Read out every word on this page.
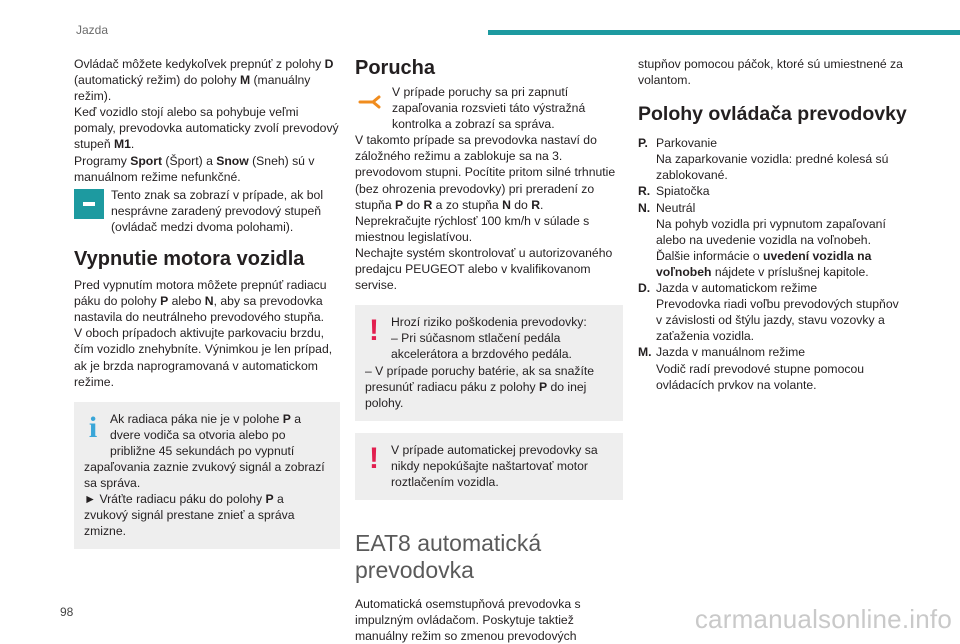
Jazda

Ovládač môžete kedykoľvek prepnúť z polohy D (automatický režim) do polohy M (manuálny režim).

Keď vozidlo stojí alebo sa pohybuje veľmi pomaly, prevodovka automaticky zvolí prevodový stupeň M1.

Programy Sport (Šport) a Snow (Sneh) sú v manuálnom režime nefunkčné.

Tento znak sa zobrazí v prípade, ak bol nesprávne zaradený prevodový stupeň (ovládač medzi dvoma polohami).

Vypnutie motora vozidla

Pred vypnutím motora môžete prepnúť radiacu páku do polohy P alebo N, aby sa prevodovka nastavila do neutrálneho prevodového stupňa.

V oboch prípadoch aktivujte parkovaciu brzdu, čím vozidlo znehybníte. Výnimkou je len prípad, ak je brzda naprogramovaná v automatickom režime.

i	Ak radiaca páka nie je v polohe P a dvere vodiča sa otvoria alebo po približne 45 sekundách po vypnutí zapaľovania zaznie zvukový signál a zobrazí sa správa.

► Vráťte radiacu páku do polohy P a zvukový signál prestane znieť a správa zmizne.

Porucha

V prípade poruchy sa pri zapnutí zapaľovania rozsvieti táto výstražná kontrolka a zobrazí sa správa.

V takomto prípade sa prevodovka nastaví do záložného režimu a zablokuje sa na 3. prevodovom stupni. Pocítite pritom silné trhnutie (bez ohrozenia prevodovky) pri preradení zo stupňa P do R a zo stupňa N do R.

Neprekračujte rýchlosť 100 km/h v súlade s miestnou legislatívou.

Nechajte systém skontrolovať u autorizovaného predajcu PEUGEOT alebo v kvalifikovanom servise.

! Hrozí riziko poškodenia prevodovky:

– Pri súčasnom stlačení pedála akcelerátora a brzdového pedála.

– V prípade poruchy batérie, ak sa snažíte presunúť radiacu páku z polohy P do inej polohy.

! V prípade automatickej prevodovky sa nikdy nepokúšajte naštartovať motor roztlačením vozidla.

EAT8 automatická prevodovka

Automatická osemstupňová prevodovka s impulzným ovládačom. Poskytuje taktiež manuálny režim so zmenou prevodových

stupňov pomocou páčok, ktoré sú umiestnené za volantom.

Polohy ovládača prevodovky
P. Parkovanie

Na zaparkovanie vozidla: predné kolesá sú zablokované.

R. Spiatočka

N. Neutrál

Na pohyb vozidla pri vypnutom zapaľovaní alebo na uvedenie vozidla na voľnobeh.

Ďalšie informácie o uvedení vozidla na voľnobeh nájdete v príslušnej kapitole.

D. Jazda v automatickom režime

Prevodovka riadi voľbu prevodových stupňov v závislosti od štýlu jazdy, stavu vozovky a zaťaženia vozidla.

M. Jazda v manuálnom režime

Vodič radí prevodové stupne pomocou ovládacích prvkov na volante.

98	carmanualsonline.info
